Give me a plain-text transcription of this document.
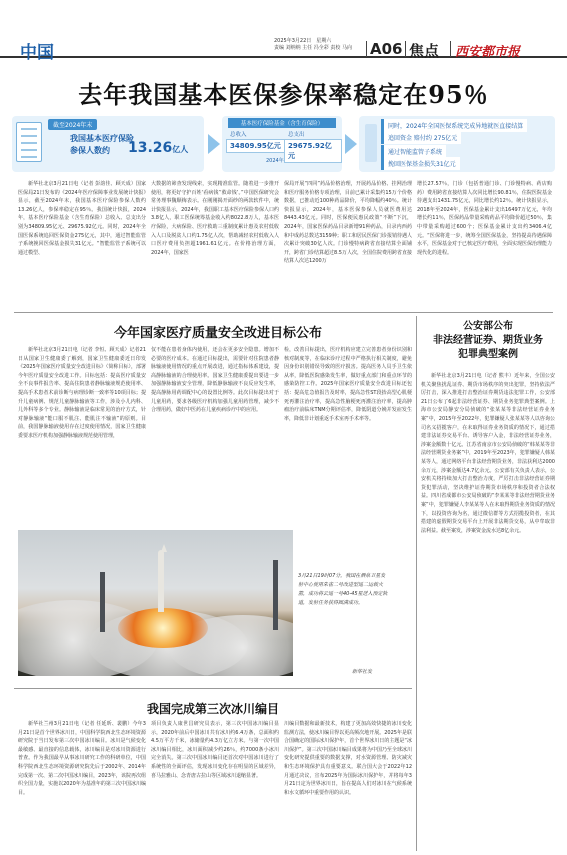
中国
2025年3月22日　星期六
责编 刘纳纳 主任 冯全彩 责校 马向 A06 焦点 西安都市报
去年我国基本医保参保率稳定在95％
截至2024年末
我国基本医疗保险
参保人数约 13.26亿人
基本医疗保险基金（含生育保险）
总收入	总支出
34809.95亿元	29675.92亿元
2024年
同时，2024年全国医保系统完成异地就医直接结算
追回资金 赔付约 275亿元
通过智能监管子系统
挽回医保基金损失31亿元
新华社北京3月21日电（记者 彭韵佳、顾天成）国家医保局21日发布的《2024年医疗保障事业发展统计快报》显示，截至2024年末，我国基本医疗保险参保人数约13.26亿人，参保率稳定在95％。我国统计快报，2024年，基本医疗保险基金（含生育保险）总收入、总支出分别为34809.95亿元、29675.92亿元。同时，2024年全国医保系统追回医保资金275亿元，其中，通过智能监管子系统挽回医保基金损失31亿元。“智能监管子系统可以通过模型、
大数据的筛查发现线索，实现精准监管。随着进一步推开使用，将更好守护百姓‘看病钱’‘救命钱’。”中国医保研究会常务理事魏顺梅表示。在刚刚揭开面纱的两款软件中，统计快报显示，2024年，我国职工基本医疗保险参保人口约3.8亿人，职工医保统筹基金收入约8022.8万人，基本医疗保险，大病保险、医疗救助三重制度累计惠及农村低收入人口及脱贫人口约1.75亿人次，帮助减轻农村低收入人口医疗费用负担超1961.61亿元。在价格治理方面，2024年，国家医
保局开展“四同”药品价格治理，开展药品价格、挂网治理和医疗服务价格专项治理，目前已累计采集约15万个价格数据，已推动近100种药品降价，平均降幅约40％。统计快报显示，2024年，基本医保参保人员就医费用达8443.43亿元。同时，医保便民惠民政策“不断”下沉，2024年，国家医保药品目录新增91种药品，目录内西药和中成药总数达3159种；职工和居民医保门诊报销待遇人次累计突破30亿人次。门诊慢特病跨省直接结算全面铺开，跨省门诊结算超过8.5万人次，全国住院费用跨省直接结算人次达1200万
增长27.57％，门诊（包括普通门诊、门诊慢特病、药店购药）费用跨省直接结算人次同比增长90.81％，住院医院基金待遇支出1431.75亿元，同比增长约12％。统计快报显示，2018年至2024年，医保基金累计支出16497万亿元，年均增长约11％，医保药品带量采购药品平均降价超过50％，集中带量采购超过600个；医保基金累计支出约3406.4亿元。“医保将进一步，统筹全国医保基金，坚持提高待遇保障水平，医保基金对于已核定医疗费用，全面实现医保治理能力现代化的进程。
今年国家医疗质量安全改进目标公布
新华社北京3月21日电（记者 李恒、顾天成）记者21日从国家卫生健康委了解到，国家卫生健康委近日印发《2025年国家医疗质量安全改进目标》（简称目标），部署今年医疗质量安全改进工作。目标包括：提高医疗质量安全不良事件报告率、提高住院患者静脉输液规范使用率、提高手术患者术前诊断与病理诊断一致率等10项目标；提升儿童病例、规范儿童静脉输液等工作，涉及小儿内科、儿外科等多个专业。静脉输液是临床常见的治疗方式，针对静脉输液“能口服不肌注、能肌注不输液”的原则。目前，我国静脉输液使用存在过度使用情况，国家卫生健康委要求医疗机构加强静脉输液规范使用管理，
仅不能在患者身体内使用，还会在更多安全隐患。增加不必要的医疗成本。在通过目标提出，需要针对住院患者静脉输液使用情况的重点开展改进，通过指标体系建设，提高静脉输液的合理使用率。国家卫生健康委提出要进一步加强静脉输液安全管理，降低静脉输液不良反应发生率，提高静脉用药调配中心的设置比例等。此次目标提出对于儿童用药，要求各级医疗机构加强儿童用药管理，减少不合理用药，做好中医药在儿童疾病诊疗中的应用。
检，改善目标提出，医疗机构应建立完善患者身份识别和核对制度等，在临床诊疗过程中严格执行相关制度，避免因身份识别错误导致的医疗损害。提高医务人员手卫生依从率，降低医院感染发生率，做好重点部门和重点环节的感染防控工作。2025年国家医疗质量安全改进目标还包括：提高危急值报告及时率，提高急性ST段抬高型心肌梗死再灌注治疗率，提高急性脑梗死再灌注治疗率，提高肿瘤治疗前临床TNM分期评估率，降低阴道分娩并发症发生率，降低非计划重返手术室再手术率等。
3月21日19时07分，我国在酒泉卫星发射中心使用朱雀二号改进型遥二运载火箭，成功将云遥一号40-45星送入预定轨道，发射任务获得圆满成功。
新华社发
我国完成第三次冰川编目
新华社兰州3月21日电（记者 任延昕、裴鹏）今年3月21日是首个世界冰川日，中国科学院西北生态环境资源研究院于当日发布第三次中国冰川编目。冰川是气候变化最敏感、最直接的信息载体，冰川编目是对冰川资源进行普查。作为我国最早从事冰川研究工作的科研单位，中国科学院西北生态环境资源研究院先后于2002年、2014年完成第一次、第二次中国冰川编目，2023年，该院再次组织全国力量，实施以2020年为基准年的第三次中国冰川编目。
项目负责人康世昌研究员表示，第三次中国冰川编目显示，2020年前后中国冰川共有冰川约6.4万条，总面积约4.5万平方千米，冰储量约4.3万亿立方米。与第一次中国冰川编目相比，冰川面积减少约26％，约7000条小冰川完全消失。第三次中国冰川编目还首次对中国冰川进行了系统性的全面评估，发现冰川变化存在明显的区域差异，喜马拉雅山、念青唐古拉山等区域冰川退缩显著。
川编目数据和最新技术，构建了更加高效快捷的冰川变化监测方法，使冰川编目得以更高频次地开展。2025年是联合国确定的国际冰川保护年，首个世界冰川日的主题是“冰川保护”。第三次中国冰川编目成果将为中国乃至全球冰川变化研究提供重要的数据支撑，对水资源管理、防灾减灾和生态环境保护具有重要意义。联合国大会于2022年12月通过决议，宣布2025年为国际冰川保护年，并将每年3月21日定为世界冰川日，旨在提高人们对冰川在气候系统和水文循环中重要作用的认识。
公安部公布
非法经营证券、期货业务
犯罪典型案例
新华社北京3月21日电（记者 熊丰）近年来，全国公安机关聚焦扰乱证券、期货市场秩序的突出犯罪，坚持依法严厉打击，深入推进打击整治证券期货违法犯罪工作，公安部21日公布了6起非法经营证券、期货业务犯罪典型案例。上海市公安局静安分局侦破的“张某某等非法经营证券业务案”中，2015年至2022年，犯罪嫌疑人张某某等人以咨询公司名义招揽客户，在未取得证券业务资质的情况下，通过搭建非法证券交易平台、诱导客户入金，非法经营证券业务，涉案金额数十亿元。江苏省南京市公安局侦破的“韩某某等非法经营期货业务案”中，2019年至2023年，犯罪嫌疑人韩某某等人，通过网络平台非法经营期货业务，非法获利达2000余万元，涉案金额达4.7亿余元。公安部有关负责人表示，公安机关将持续加大打击整治力度，严厉打击非法经营证券期货犯罪活动，坚决维护证券期货市场秩序和投资者合法权益。四川省成都市公安局侦破的“李某某等非法经营期货业务案”中，犯罪嫌疑人李某某等人在未取得期货业务资质的情况下，以投资咨询为名，通过微信群等方式招揽投资者，在其搭建的虚假期货交易平台上开展非法期货交易，从中牟取非法利益。截至案发，涉案资金流水达8亿余元。
